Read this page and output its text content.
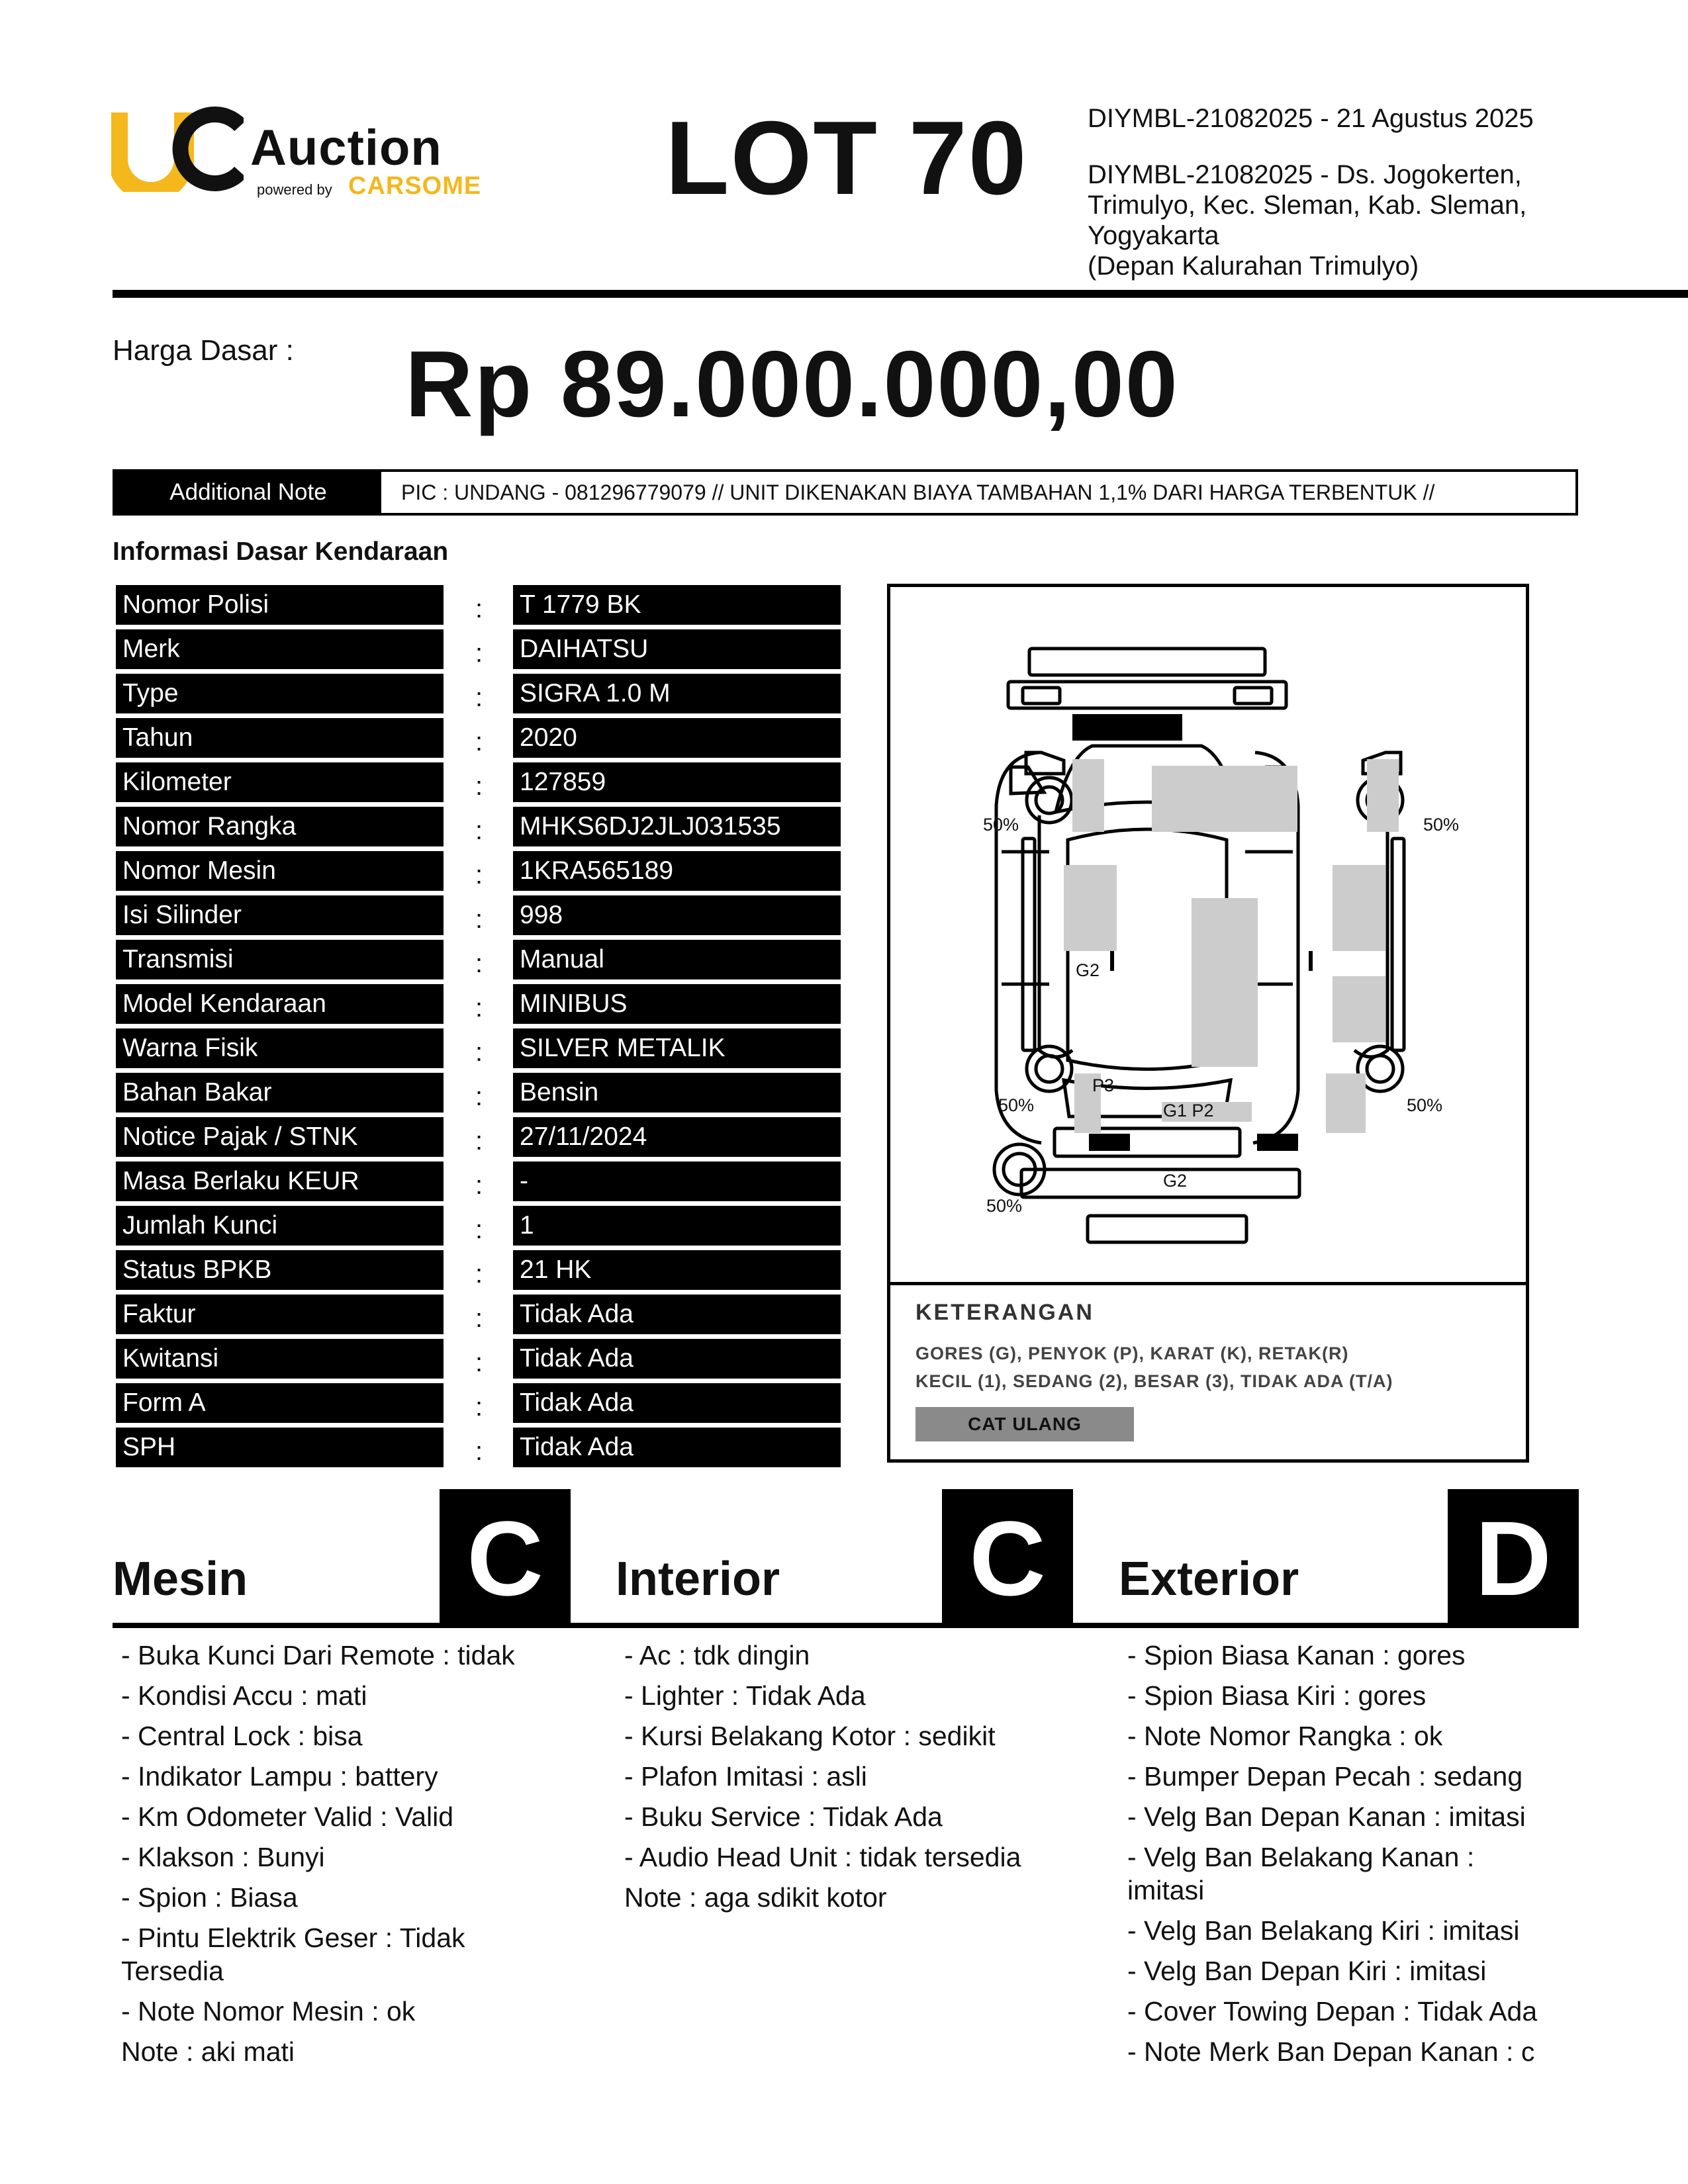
Auction
powered by CARSOME LOT 70 DIYMBL-21082025 - 21 Agustus 2025
DIYMBL-21082025 - Ds. Jogokerten,
Trimulyo, Kec. Sleman, Kab. Sleman,
Yogyakarta
(Depan Kalurahan Trimulyo)
Harga Dasar : Rp 89.000.000,00
Additional Note	PIC : UNDANG - 081296779079 // UNIT DIKENAKAN BIAYA TAMBAHAN 1,1% DARI HARGA TERBENTUK //
Informasi Dasar Kendaraan
Nomor Polisi	: T 1779 BK
Merk	: DAIHATSU
Type	: SIGRA 1.0 M
Tahun	: 2020
Kilometer	: 127859
Nomor Rangka	: MHKS6DJ2JLJ031535
Nomor Mesin	: 1KRA565189
Isi Silinder	: 998
Transmisi	: Manual
Model Kendaraan	: MINIBUS
Warna Fisik	: SILVER METALIK
Bahan Bakar	: Bensin
Notice Pajak / STNK	: 27/11/2024
Masa Berlaku KEUR	: -
Jumlah Kunci	: 1
Status BPKB	: 21 HK
Faktur	: Tidak Ada
Kwitansi	: Tidak Ada
Form A	: Tidak Ada
SPH	: Tidak Ada
50%	50%
50%	50%
50%
G2
P3
G1 P2
G2
KETERANGAN
GORES (G), PENYOK (P), KARAT (K), RETAK(R)
KECIL (1), SEDANG (2), BESAR (3), TIDAK ADA (T/A)
CAT ULANG
Mesin C
- Buka Kunci Dari Remote : tidak
- Kondisi Accu : mati
- Central Lock : bisa
- Indikator Lampu : battery
- Km Odometer Valid : Valid
- Klakson : Bunyi
- Spion : Biasa
- Pintu Elektrik Geser : Tidak Tersedia
- Note Nomor Mesin : ok
Note : aki mati
Interior C
- Ac : tdk dingin
- Lighter : Tidak Ada
- Kursi Belakang Kotor : sedikit
- Plafon Imitasi : asli
- Buku Service : Tidak Ada
- Audio Head Unit : tidak tersedia
Note : aga sdikit kotor
Exterior D
- Spion Biasa Kanan : gores
- Spion Biasa Kiri : gores
- Note Nomor Rangka : ok
- Bumper Depan Pecah : sedang
- Velg Ban Depan Kanan : imitasi
- Velg Ban Belakang Kanan : imitasi
- Velg Ban Belakang Kiri : imitasi
- Velg Ban Depan Kiri : imitasi
- Cover Towing Depan : Tidak Ada
- Note Merk Ban Depan Kanan : c
